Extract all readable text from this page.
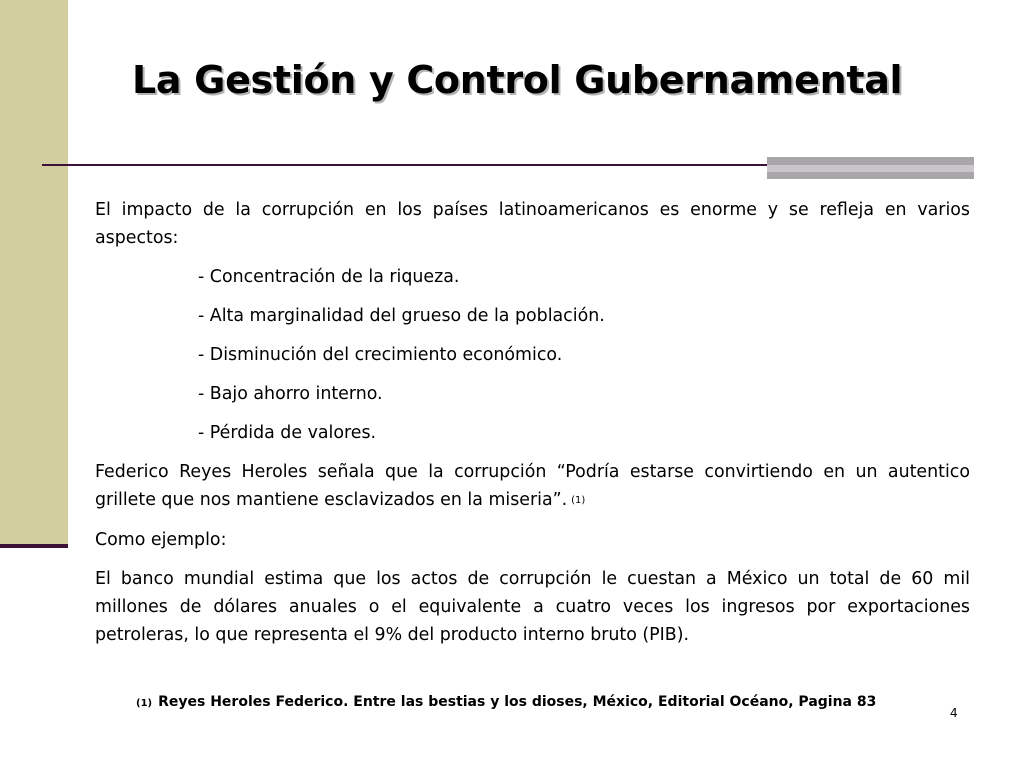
La Gestión y Control Gubernamental

El impacto de la corrupción en los países latinoamericanos es enorme y se refleja en varios aspectos:

- Concentración de la riqueza.

- Alta marginalidad del grueso de la población.

- Disminución del crecimiento económico.

- Bajo ahorro interno.

- Pérdida de valores.

Federico Reyes Heroles señala que la corrupción “Podría estarse convirtiendo en un autentico grillete que nos mantiene esclavizados en la miseria”. (1)

Como ejemplo:

El banco mundial estima que los actos de corrupción le cuestan a México un total de 60 mil millones de dólares anuales o el equivalente a cuatro veces los ingresos por exportaciones petroleras, lo que representa el 9% del producto interno bruto (PIB).

(1) Reyes Heroles Federico. Entre las bestias y los dioses, México, Editorial Océano, Pagina 83
4
